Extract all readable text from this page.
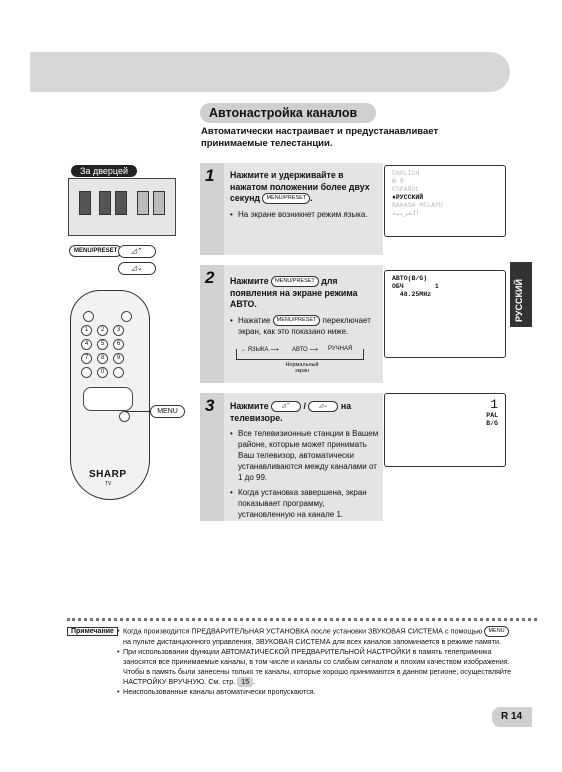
Автонастройка каналов
Автоматически настраивает и предустанавливает принимаемые телестанции.
За дверцей
MENU/PRESET	◿⌃
◿⌄
1	2	3
4	5	6
7	8	9
0
SHARP
TV
MENU
1 Нажмите и удерживайте в нажатом положении более двух секунд MENU/PRESET .
• На экране возникнет режим языка.
ENGLISH
Ф Я
ESPAÑOL
♦РУССКИЙ
BAHASA MELAYU
العربية
2 Нажмите MENU/PRESET для появления на экране режима АВТО.
• Нажатие MENU/PRESET переключает экран, как это показано ниже.
→ ЯЗЫКА ⟶ АВТО ⟶ РУЧНАЯ
Нормальный экран
АВТО(B/G)
ОБЧ        1
48.25MHz	РУССКИЙ
3 Нажмите ◿⌃ / ◿⌄ на телевизоре.
• Все телевизионные станции в Вашем районе, которые может принимать Ваш телевизор, автоматически устанавливаются между каналами от 1 до 99.
• Когда установка завершена, экран показывает программу, установленную на канале 1.
1
PAL
B/G
Примечание

•	Когда производится ПРЕДВАРИТЕЛЬНАЯ УСТАНОВКА после установки ЗВУКОВАЯ СИСТЕМА с помощью MENU на пульте дистанционного управления, ЗВУКОВАЯ СИСТЕМА для всех каналов запоминается в режиме памяти.

• При использовании функции АВТОМАТИЧЕСКОЙ ПРЕДВАРИТЕЛЬНОЙ НАСТРОЙКИ в память телепримника заносятся все принимаемые каналы, в том числе и каналы со слабым сигналом и плохим качеством изображения. Чтобы в память были занесены только те каналы, которые хорошо принимаются в данном регионе, осуществляйте НАСТРОЙКУ ВРУЧНУЮ. См. стр. 15 .

• Неиспользованные каналы автоматически пропускаются.

R 14
